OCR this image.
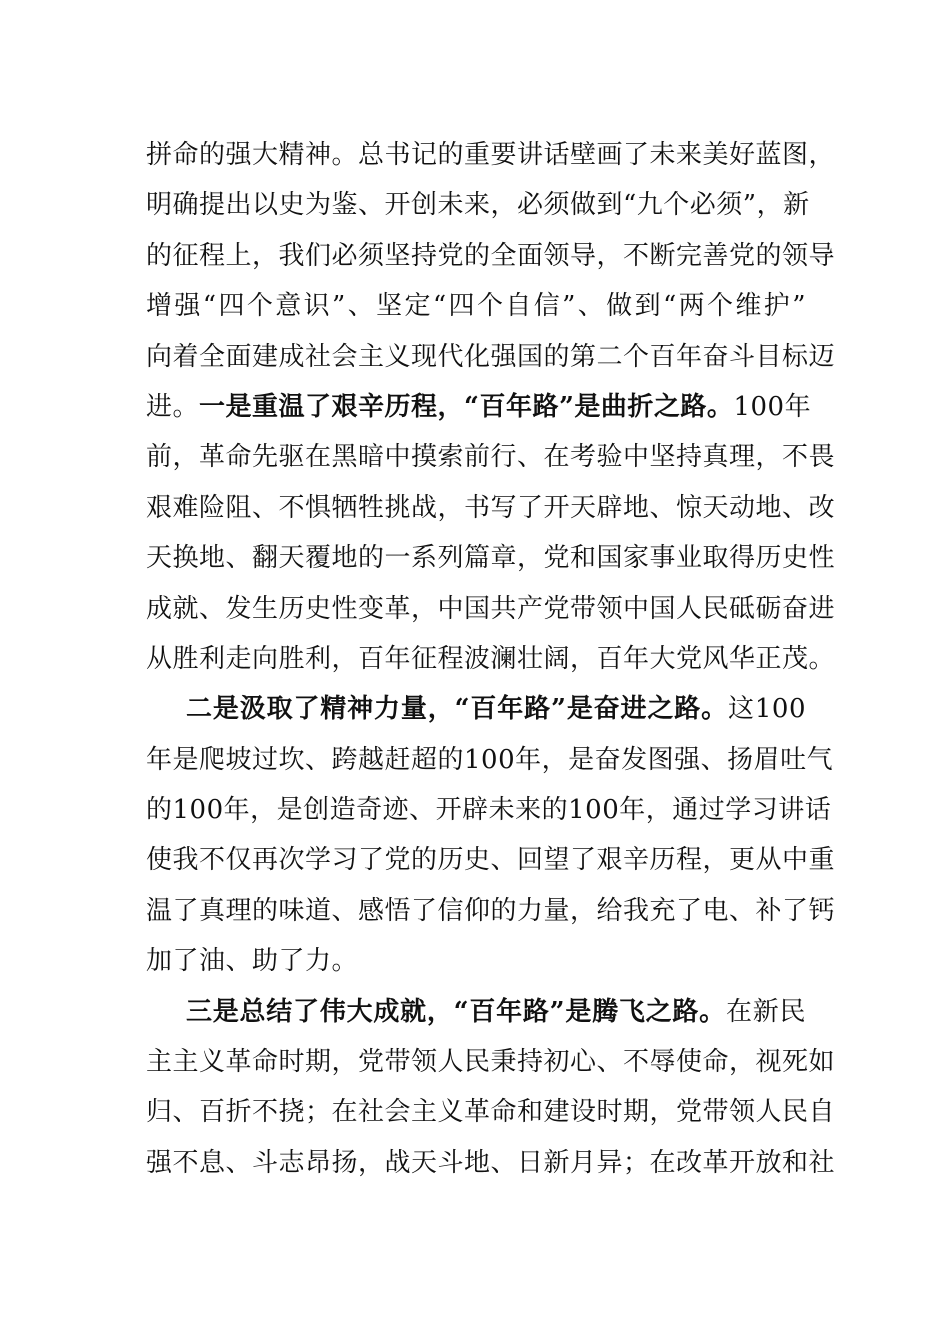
拼命的强大精神。总书记的重要讲话壁画了未来美好蓝图，
明确提出以史为鉴、开创未来，必须做到“九个必须”，新
的征程上，我们必须坚持党的全面领导，不断完善党的领导
增强“四个意识”、坚定“四个自信”、做到“两个维护”
向着全面建成社会主义现代化强国的第二个百年奋斗目标迈
进。一是重温了艰辛历程，“百年路”是曲折之路。100年
前，革命先驱在黑暗中摸索前行、在考验中坚持真理，不畏
艰难险阻、不惧牺牲挑战，书写了开天辟地、惊天动地、改
天换地、翻天覆地的一系列篇章，党和国家事业取得历史性
成就、发生历史性变革，中国共产党带领中国人民砥砺奋进
从胜利走向胜利，百年征程波澜壮阔，百年大党风华正茂。
二是汲取了精神力量，“百年路”是奋进之路。这100
年是爬坡过坎、跨越赶超的100年，是奋发图强、扬眉吐气
的100年，是创造奇迹、开辟未来的100年，通过学习讲话
使我不仅再次学习了党的历史、回望了艰辛历程，更从中重
温了真理的味道、感悟了信仰的力量，给我充了电、补了钙
加了油、助了力。
三是总结了伟大成就，“百年路”是腾飞之路。在新民
主主义革命时期，党带领人民秉持初心、不辱使命，视死如
归、百折不挠；在社会主义革命和建设时期，党带领人民自
强不息、斗志昂扬，战天斗地、日新月异；在改革开放和社
